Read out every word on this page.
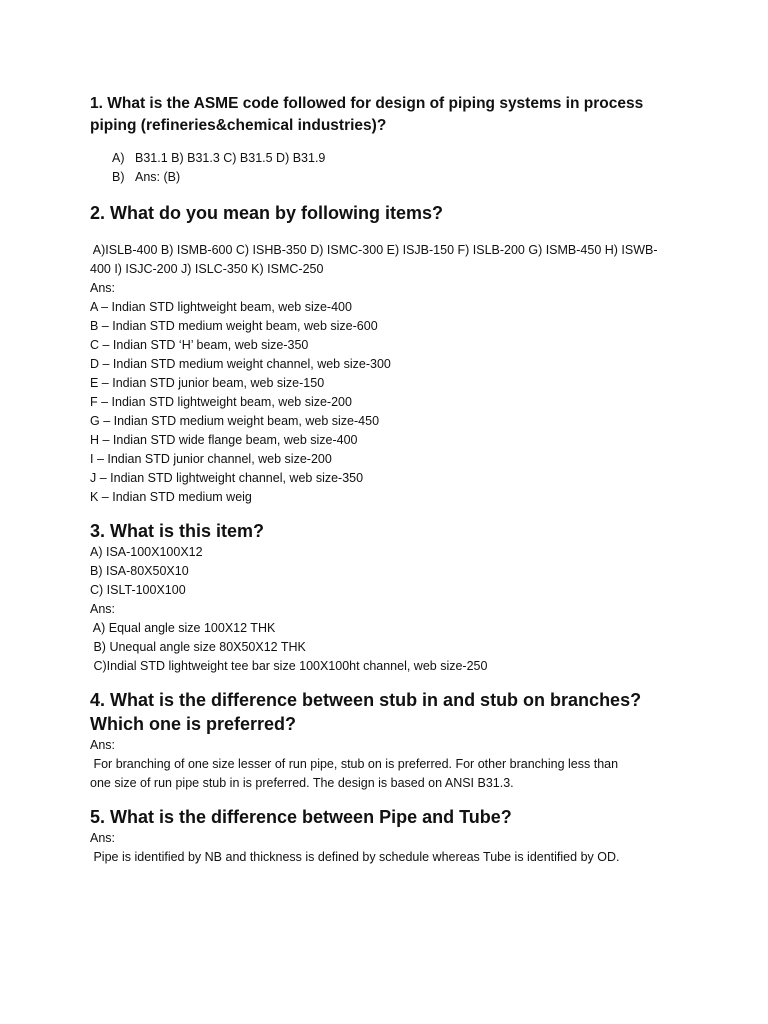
1. What is the ASME code followed for design of piping systems in process

piping (refineries&chemical industries)?

A) B31.1 B) B31.3 C) B31.5 D) B31.9
B) Ans: (B)

2. What do you mean by following items?

A)ISLB-400 B) ISMB-600 C) ISHB-350 D) ISMC-300 E) ISJB-150 F) ISLB-200 G) ISMB-450 H) ISWB-

400 I) ISJC-200 J) ISLC-350 K) ISMC-250

Ans:

A – Indian STD lightweight beam, web size-400

B – Indian STD medium weight beam, web size-600

C – Indian STD ‘H’ beam, web size-350

D – Indian STD medium weight channel, web size-300

E – Indian STD junior beam, web size-150

F – Indian STD lightweight beam, web size-200

G – Indian STD medium weight beam, web size-450

H – Indian STD wide flange beam, web size-400

I – Indian STD junior channel, web size-200

J – Indian STD lightweight channel, web size-350

K – Indian STD medium weig

3. What is this item?

A) ISA-100X100X12

B) ISA-80X50X10

C) ISLT-100X100

Ans:

A) Equal angle size 100X12 THK

B) Unequal angle size 80X50X12 THK

C)Indial STD lightweight tee bar size 100X100ht channel, web size-250

4. What is the difference between stub in and stub on branches?

Which one is preferred?

Ans:

For branching of one size lesser of run pipe, stub on is preferred. For other branching less than

one size of run pipe stub in is preferred. The design is based on ANSI B31.3.

5. What is the difference between Pipe and Tube?

Ans:

Pipe is identified by NB and thickness is defined by schedule whereas Tube is identified by OD.
